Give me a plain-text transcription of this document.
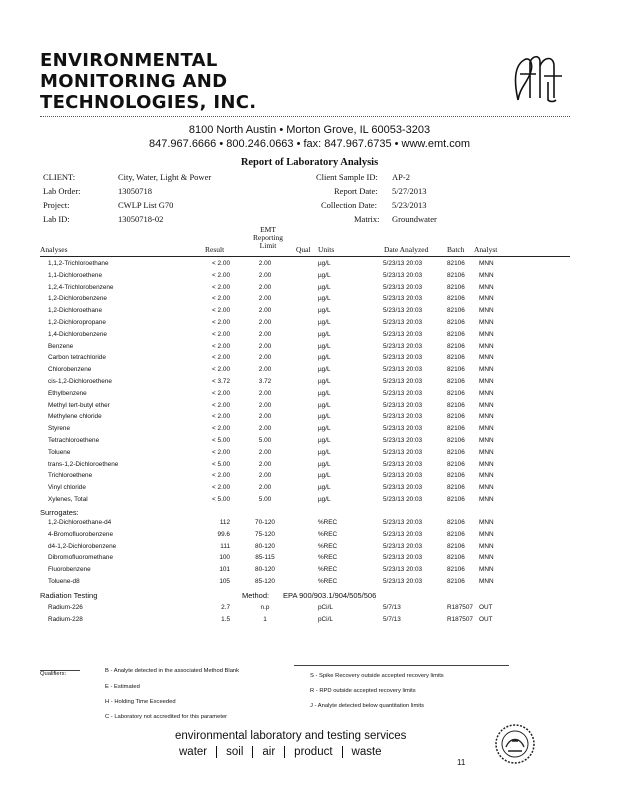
ENVIRONMENTAL
MONITORING AND
TECHNOLOGIES, INC.
8100 North Austin • Morton Grove, IL 60053-3203
847.967.6666 • 800.246.0663 • fax: 847.967.6735 • www.emt.com
Report of Laboratory Analysis
CLIENT:	City, Water, Light & Power
Lab Order:	13050718
Project:	CWLP List G70
Lab ID:	13050718-02
Client Sample ID: AP-2
Report Date: 5/27/2013
Collection Date: 5/23/2013
Matrix: Groundwater
Analyses	Result
EMT
Reporting
Limit	Qual Units	Date Analyzed Batch Analyst
1,1,2-Trichloroethane	< 2.00	2.00	µg/L	5/23/13 20:03	82106 MNN
1,1-Dichloroethene	< 2.00	2.00	µg/L	5/23/13 20:03	82106 MNN
1,2,4-Trichlorobenzene	< 2.00	2.00	µg/L	5/23/13 20:03	82106 MNN
1,2-Dichlorobenzene	< 2.00	2.00	µg/L	5/23/13 20:03	82106 MNN
1,2-Dichloroethane	< 2.00	2.00	µg/L	5/23/13 20:03	82106 MNN
1,2-Dichloropropane	< 2.00	2.00	µg/L	5/23/13 20:03	82106 MNN
1,4-Dichlorobenzene	< 2.00	2.00	µg/L	5/23/13 20:03	82106 MNN
Benzene	< 2.00	2.00	µg/L	5/23/13 20:03	82106 MNN
Carbon tetrachloride	< 2.00	2.00	µg/L	5/23/13 20:03	82106 MNN
Chlorobenzene	< 2.00	2.00	µg/L	5/23/13 20:03	82106 MNN
cis-1,2-Dichloroethene	< 3.72	3.72	µg/L	5/23/13 20:03	82106 MNN
Ethylbenzene	< 2.00	2.00	µg/L	5/23/13 20:03	82106 MNN
Methyl tert-butyl ether	< 2.00	2.00	µg/L	5/23/13 20:03	82106 MNN
Methylene chloride	< 2.00	2.00	µg/L	5/23/13 20:03	82106 MNN
Styrene	< 2.00	2.00	µg/L	5/23/13 20:03	82106 MNN
Tetrachloroethene	< 5.00	5.00	µg/L	5/23/13 20:03	82106 MNN
Toluene	< 2.00	2.00	µg/L	5/23/13 20:03	82106 MNN
trans-1,2-Dichloroethene	< 5.00	2.00	µg/L	5/23/13 20:03	82106 MNN
Trichloroethene	< 2.00	2.00	µg/L	5/23/13 20:03	82106 MNN
Vinyl chloride	< 2.00	2.00	µg/L	5/23/13 20:03	82106 MNN
Xylenes, Total	< 5.00	5.00	µg/L	5/23/13 20:03	82106 MNN
Surrogates:
1,2-Dichloroethane-d4	112	70-120	%REC	5/23/13 20:03	82106 MNN
4-Bromofluorobenzene	99.6	75-120	%REC	5/23/13 20:03	82106 MNN
d4-1,2-Dichlorobenzene	111	80-120	%REC	5/23/13 20:03	82106 MNN
Dibromofluoromethane	100	85-115	%REC	5/23/13 20:03	82106 MNN
Fluorobenzene	101	80-120	%REC	5/23/13 20:03	82106 MNN
Toluene-d8	105	85-120	%REC	5/23/13 20:03	82106 MNN
Radiation Testing	Method: EPA 900/903.1/904/505/506
Radium-226	2.7	n.p	pCi/L	5/7/13	R187507 OUT
Radium-228	1.5	1	pCi/L	5/7/13	R187507 OUT
Qualifiers:	B - Analyte detected in the associated Method Blank
E - Estimated
H - Holding Time Exceeded
C - Laboratory not accredited for this parameter
S - Spike Recovery outside accepted recovery limits
R - RPD outside accepted recovery limits
J - Analyte detected below quantitation limits
environmental laboratory and testing services
water soil air product waste
11
